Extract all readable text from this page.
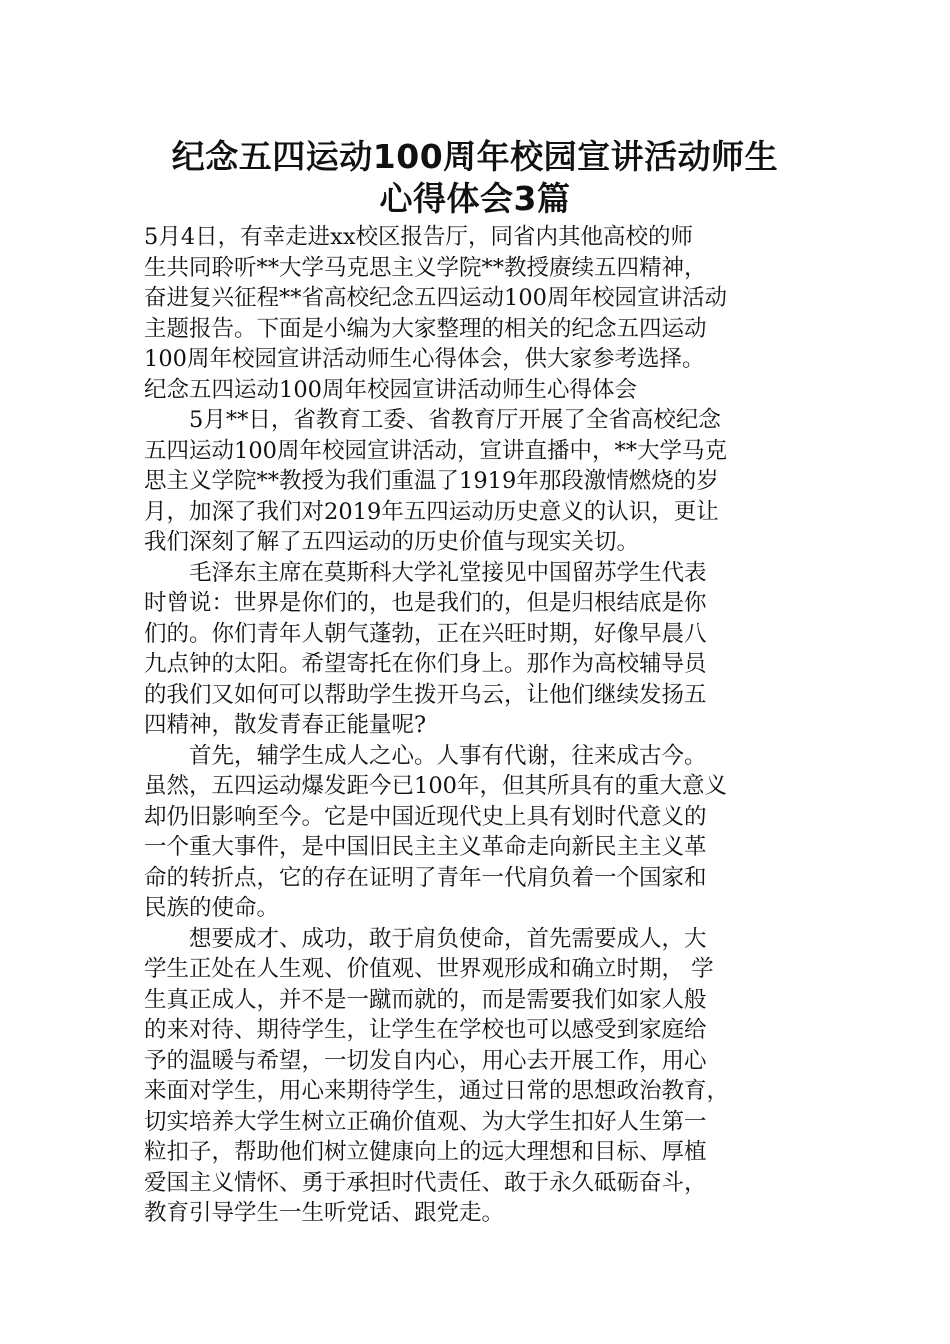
纪念五四运动100周年校园宣讲活动师生
心得体会3篇
5月4日，有幸走进xx校区报告厅，同省内其他高校的师
生共同聆听**大学马克思主义学院**教授赓续五四精神，
奋进复兴征程**省高校纪念五四运动100周年校园宣讲活动
主题报告。下面是小编为大家整理的相关的纪念五四运动
100周年校园宣讲活动师生心得体会，供大家参考选择。
纪念五四运动100周年校园宣讲活动师生心得体会
5月**日，省教育工委、省教育厅开展了全省高校纪念
五四运动100周年校园宣讲活动，宣讲直播中，**大学马克
思主义学院**教授为我们重温了1919年那段激情燃烧的岁
月，加深了我们对2019年五四运动历史意义的认识，更让
我们深刻了解了五四运动的历史价值与现实关切。
毛泽东主席在莫斯科大学礼堂接见中国留苏学生代表
时曾说：世界是你们的，也是我们的，但是归根结底是你
们的。你们青年人朝气蓬勃，正在兴旺时期，好像早晨八
九点钟的太阳。希望寄托在你们身上。那作为高校辅导员
的我们又如何可以帮助学生拨开乌云，让他们继续发扬五
四精神，散发青春正能量呢?
首先，辅学生成人之心。人事有代谢，往来成古今。
虽然，五四运动爆发距今已100年，但其所具有的重大意义
却仍旧影响至今。它是中国近现代史上具有划时代意义的
一个重大事件，是中国旧民主主义革命走向新民主主义革
命的转折点，它的存在证明了青年一代肩负着一个国家和
民族的使命。
想要成才、成功，敢于肩负使命，首先需要成人，大
学生正处在人生观、价值观、世界观形成和确立时期， 学
生真正成人，并不是一蹴而就的，而是需要我们如家人般
的来对待、期待学生，让学生在学校也可以感受到家庭给
予的温暖与希望，一切发自内心，用心去开展工作，用心
来面对学生，用心来期待学生，通过日常的思想政治教育，
切实培养大学生树立正确价值观、为大学生扣好人生第一
粒扣子，帮助他们树立健康向上的远大理想和目标、厚植
爱国主义情怀、勇于承担时代责任、敢于永久砥砺奋斗，
教育引导学生一生听党话、跟党走。
